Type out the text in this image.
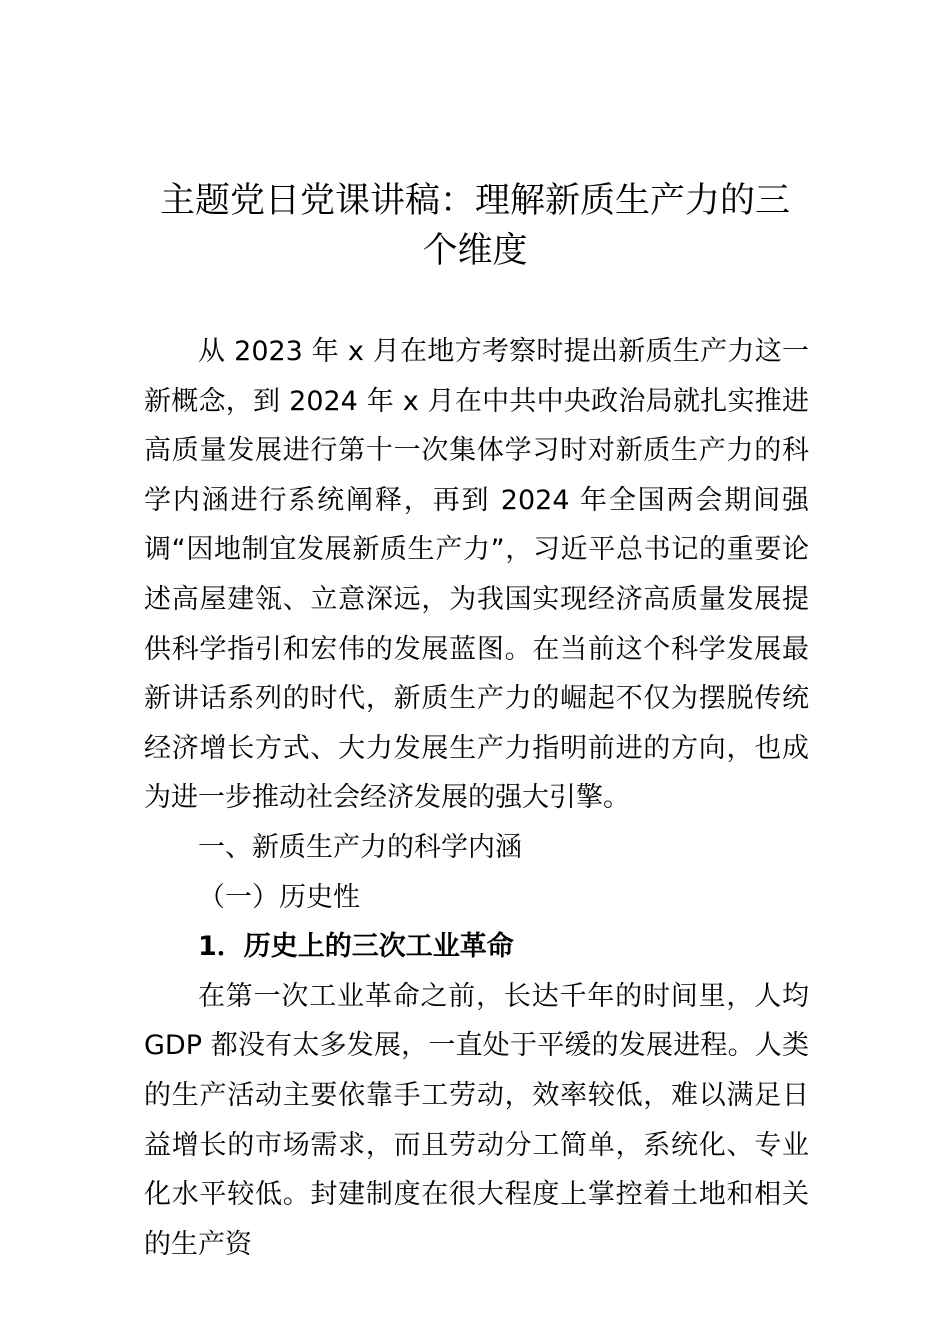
主题党日党课讲稿：理解新质生产力的三
个维度

从 2023 年 x 月在地方考察时提出新质生产力这一新概念，到 2024 年 x 月在中共中央政治局就扎实推进高质量发展进行第十一次集体学习时对新质生产力的科学内涵进行系统阐释，再到 2024 年全国两会期间强调“因地制宜发展新质生产力”，习近平总书记的重要论述高屋建瓴、立意深远，为我国实现经济高质量发展提供科学指引和宏伟的发展蓝图。在当前这个科学发展最新讲话系列的时代，新质生产力的崛起不仅为摆脱传统经济增长方式、大力发展生产力指明前进的方向，也成为进一步推动社会经济发展的强大引擎。

一、新质生产力的科学内涵

（一）历史性

1．历史上的三次工业革命

在第一次工业革命之前，长达千年的时间里，人均 GDP 都没有太多发展，一直处于平缓的发展进程。人类的生产活动主要依靠手工劳动，效率较低，难以满足日益增长的市场需求，而且劳动分工简单，系统化、专业化水平较低。封建制度在很大程度上掌控着土地和相关的生产资
